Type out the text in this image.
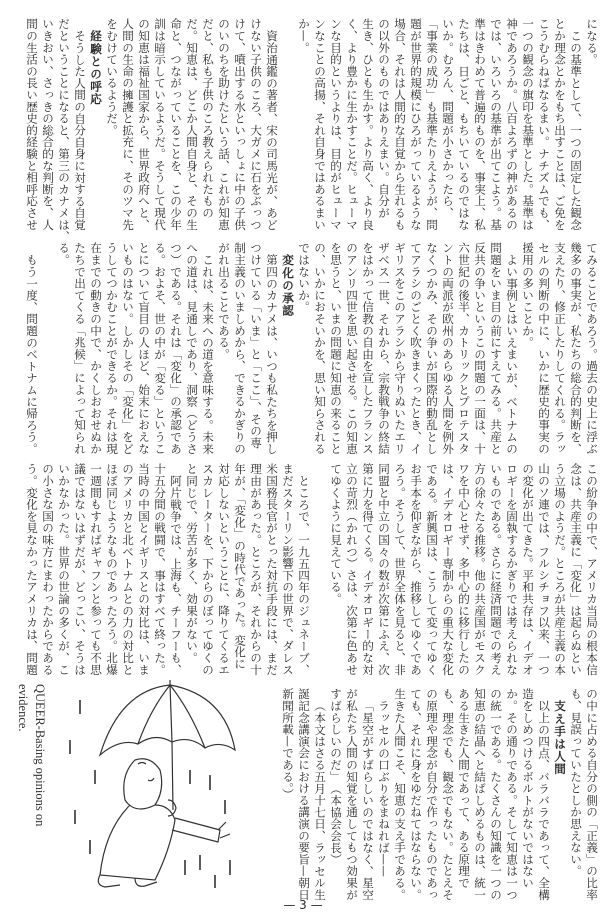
になる。
この基準として、一つの固定した観念
とか理念とかをもち出すことは、ご免を
こうむらねばなるまい。ナチズムでも、
一つの観念の旗印を基準とした。基準は
神であろうか。八百よろずの神があるの
では、いろいろの基準が出てこよう。基
準はきわめて普遍的ものを、事実上、私
たちは、日ごと、もちいているのではな
いか。むろん、問題が小さかったら、
「事業の成功」も基準たりえようが、問
題が世界的規模にひろがっているような
場合、それは人間的な自覚から生れるも
の以外のものではありえまい。自分が
生き、ひとも生かす。より高く、より良
く、より豊かに生かすことだ。ヒューマ
ンな目的というよりは、目的がヒューマ
ンなことの高揚、それ自身ではあるまい
か—。
資治通鑑の著者、宋の司馬光が、あど
けない子供のころ、大ガメに石をぶっつ
けて、噴出する水といっしょに中の子供
のいのちを助けたという話、これが知恵
だと、私も子供のころ教えられたもの
だ。知恵は、どこか人間自身と、その生
命と、つながっていることを、この少年
訓は暗示しているようだ。そうして現代
の知恵は福祉国家から、世界政府へと、
人間の生命の擁護と拡充に、そのツマ先
をむけているようだ。
経験との呼応
そうした人間の自分自身に対する自覚
だということになると、第三のカナメは、
いきおい、さっきの総合的な判断を、人
間の生活の長い歴史的経験と相呼応させ
てみることであろう。過去の史上に浮ぶ
幾多の事実が、私たちの総合的判断を、
支えたり、修正したりしてくれる。ラッ
セルの判断の中に、いかに歴史的事実の
援用の多いことか。
よい事例とはいえまいが、ベトナムの
問題をいま目の前にすえてみる。共産と
反共の争いというこの問題の一面は、十
六世紀の後半、カトリックとプロテスタ
ントの両派が欧州のあらゆる人間を例外
なくつかみ、その争いが国際的動乱とし
てアラシのごとく吹きまくったとき、イ
ギリスをこのアラシから守りぬいたエリ
ザベス一世、それから、宗教戦争の終結
をはかって信教の自由を宣したフランス
のアンリ四世を思い起させる。この知恵
を思うと、いまの問題に知恵の来ること
の、いかにおそいかを、思い知らされる
ではないか。
変化の承認
第四のカナメは、いつも私たちを押し
つけている「いま」と「ここ」、その専
制主義のいましめから、できるかぎりの
がれ出ることである。
これは、未来への道を意味する。未来
への道は、見通しであり、洞察（どうさ
つ）である。それは「変化」の承認であ
る。およそ、世の中が「変る」というこ
とについて盲目の人ほど、始末におえな
いものはない。しかしその「変化」をど
うしてつかむことができるか。それは現
在までの動きの中で、かくしおおせぬか
たちで出てくる「兆候」によって知られ
る。
もう一度、問題のベトナムに帰ろう。
この紛争の中で、アメリカ当局の根本信
念は、共産主義に「変化」は起らぬとい
う立場のようだ。ところが共産主義の本
山のソ連では、フルシチョフ以来、一つ
の変化が出てきた。平和共存は、イデオ
ロギーを固執するかぎりでは考えられな
いものである。さらに経済問題での考え
方の徐々たる推移。他の共産国がモスク
ワを中心とせず、多中心的に移行したの
は、イデオロギー専制からの重大な変化
である。新興国は、こうして変ってゆく
お手本を仰ぎながら、推移してゆくであ
ろう。そうして、世界全体を見ると、非
同盟と中立の国々の数が次第にふえ、次
第に力を得てくる。イデオロギー的な対
立の苛烈（かれつ）さは、次第に色あせ
てゆくように見えている。
ところで、一九五四年のジュネーブ、
まだスターリン影響下の世界で、ダレス
米国務長官がとった対抗手段には、まだ
理由があった。ところが、それからの十
年が、「変化」の時代であった。変化に
対応しないということに、降りてくるエ
スカレーターを、下からのぼってゆくの
と同じで、労苦が多く、効果がない。
阿片戦争では、上海も、チーフーも、
十五分間の戦闘で、事はすべて終った。
当時の中国とイギリスとの対比は、いま
のアメリカと北ベトナムとの力の対比と
ほぼ同じようなものであったろう。北爆
一週間もすればギャフンと参っても不思
議ではないはずだが、どっこい、そうは
いかなかった。世界の世論の多くが、こ
の小さな国の味方にまわったからである
う。変化を見なかったアメリカは、問題
の中に占める自分の側の「正義」の比率
も、見誤っていたとしか思えない。
支え手は人間
以上の四点、バラバラであって、全構
造をしめつけるボルトがないではない
か。その通りである。そして知恵は一つ
の統一である。たくさんの知識を一つの
知恵の結晶へと結ばしめるものは、統一
ある生きた人間であって、ある原理で
も、理念でも、観念でもない。たとえそ
の原理や理念が自分で作ったものであっ
ても、それに身をゆだねてはならない。
生きた人間こそ、知恵の支え手である。
ラッセルの口ぶりをまねれば——
「星空がすばらしいのではなく、星空
が私たち人間の知覚を通してもつ効果が
すばらしいのだ」　（本協会会長）
（本文はさる五月十七日、ラッセル生
誕記念講演会における講演の要旨—朝日
新聞所載—である。）
QUEER-Basing opinions on
evidence.
— 3 —
